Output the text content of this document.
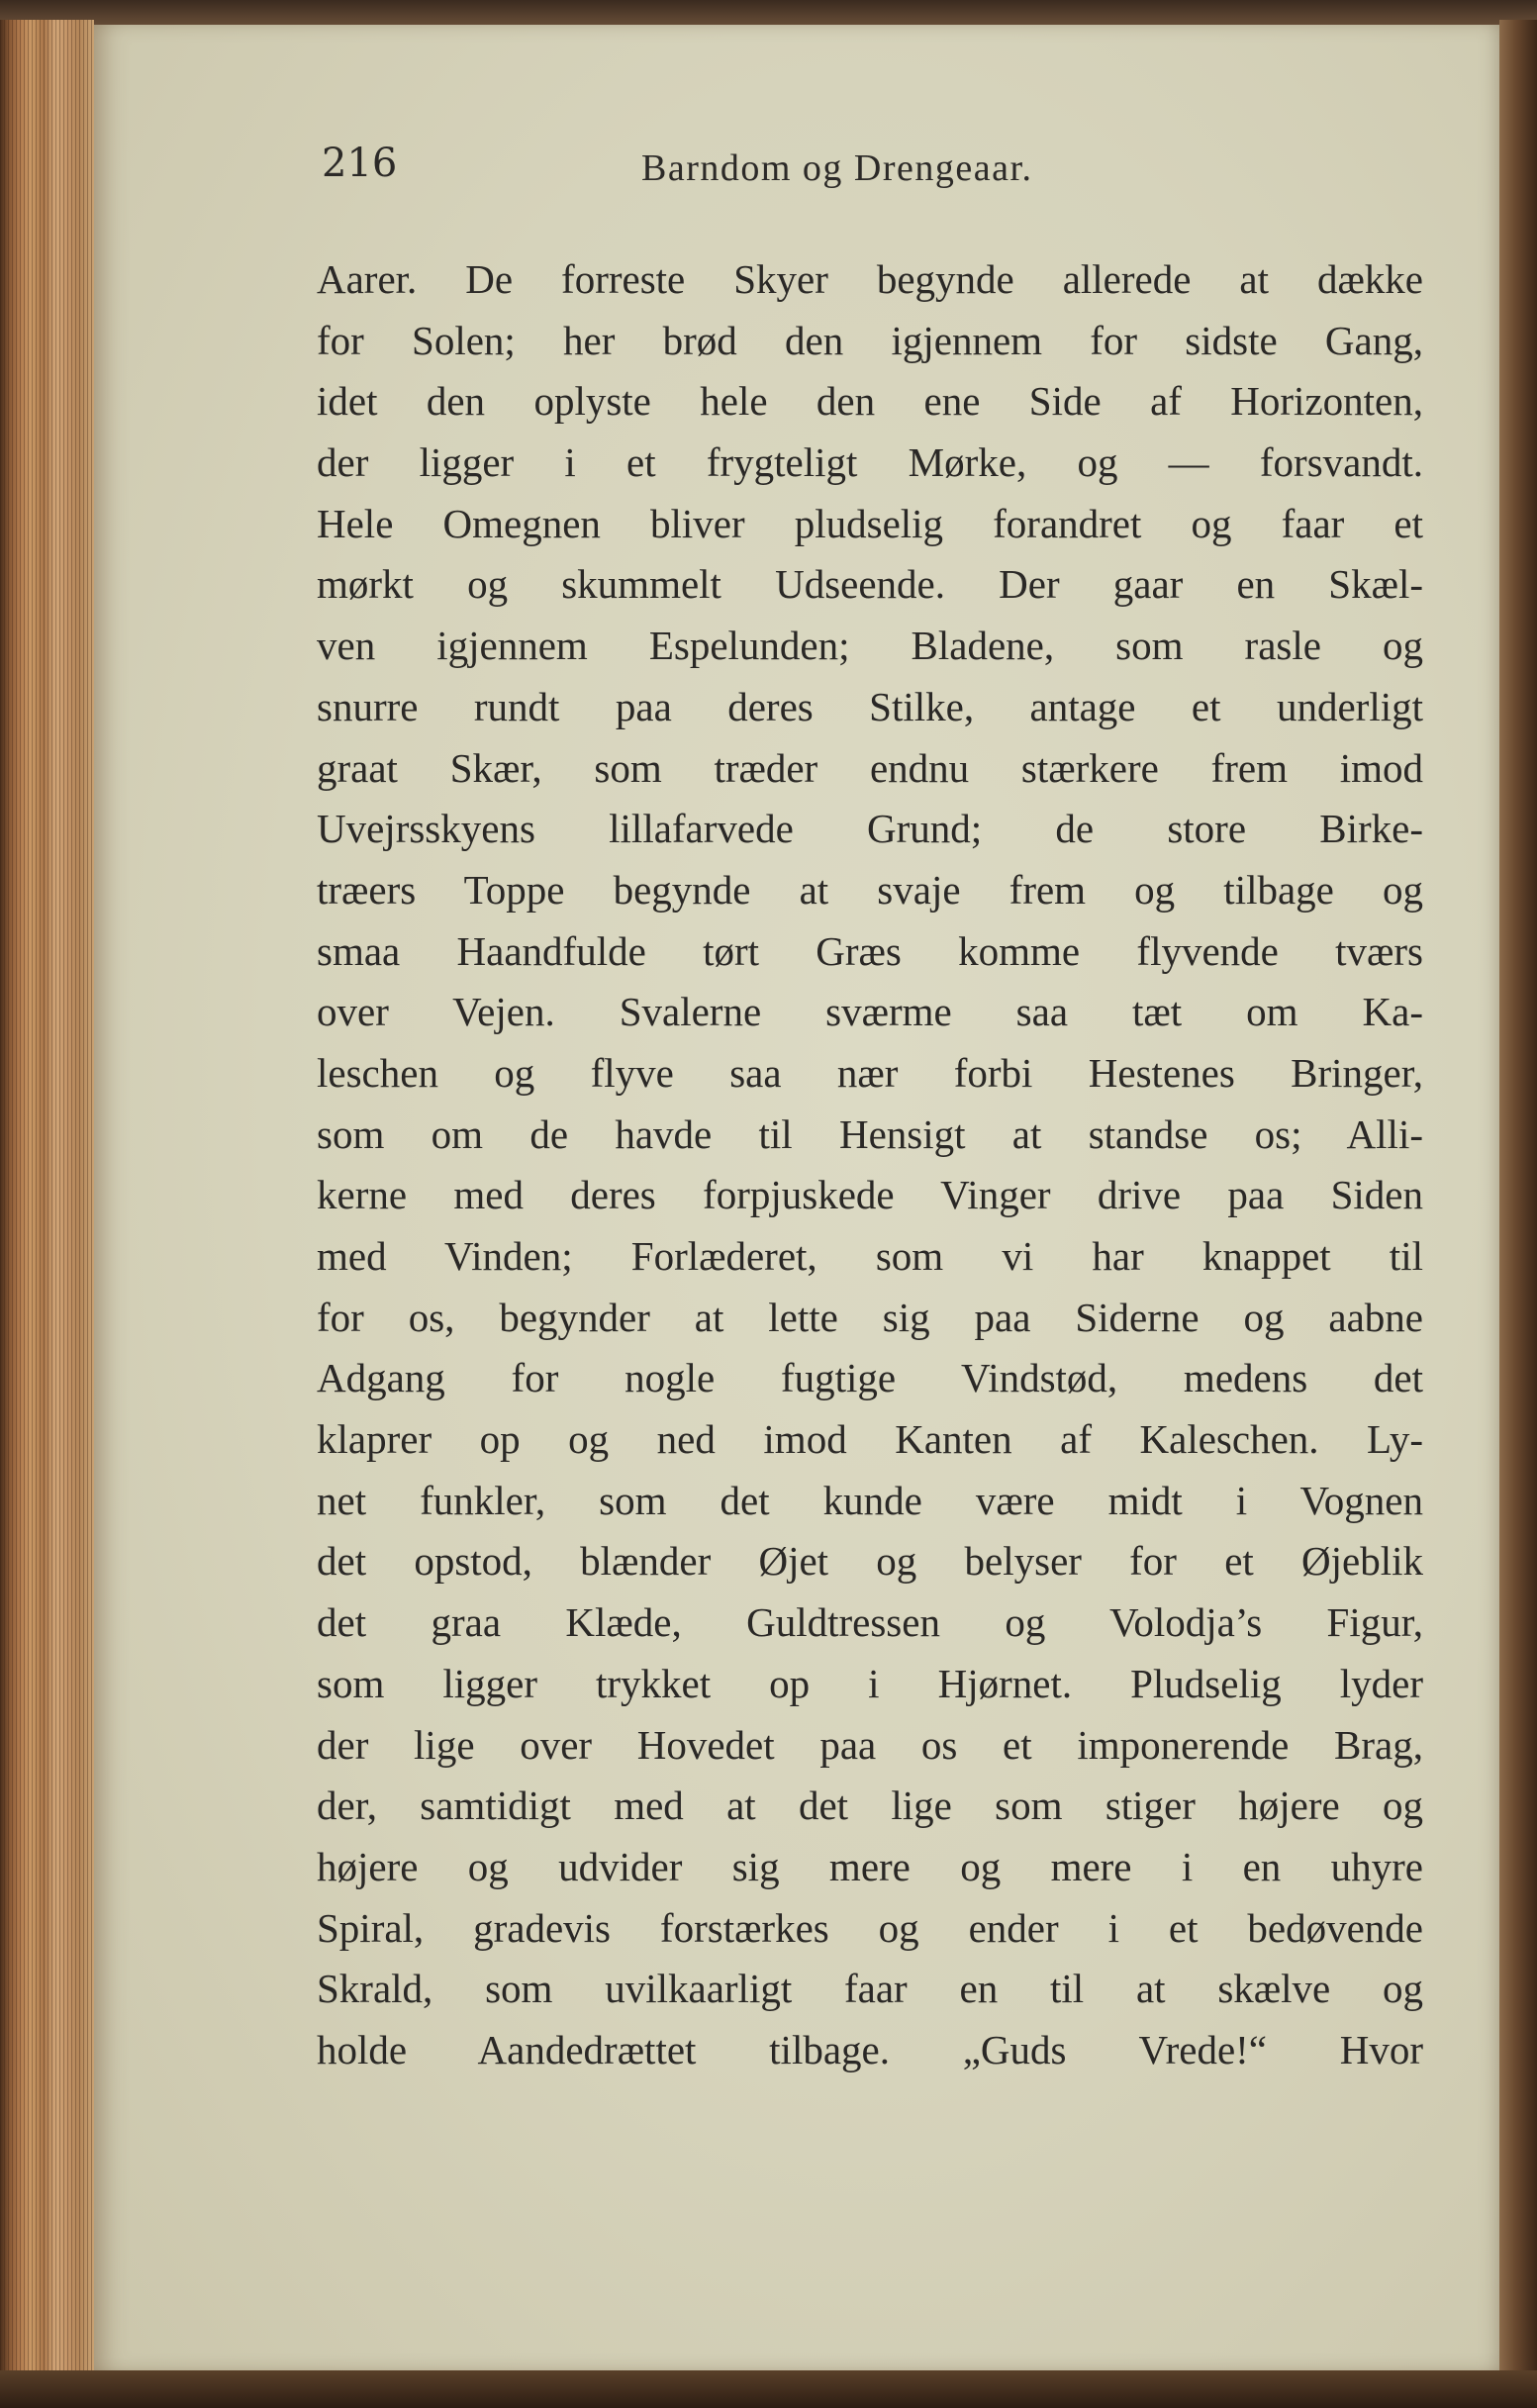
216	Barndom og Drengeaar.
Aarer. De forreste Skyer begynde allerede at dække
for Solen; her brød den igjennem for sidste Gang,
idet den oplyste hele den ene Side af Horizonten,
der ligger i et frygteligt Mørke, og — forsvandt.
Hele Omegnen bliver pludselig forandret og faar et
mørkt og skummelt Udseende. Der gaar en Skæl-
ven igjennem Espelunden; Bladene, som rasle og
snurre rundt paa deres Stilke, antage et underligt
graat Skær, som træder endnu stærkere frem imod
Uvejrsskyens lillafarvede Grund; de store Birke-
træers Toppe begynde at svaje frem og tilbage og
smaa Haandfulde tørt Græs komme flyvende tværs
over Vejen. Svalerne sværme saa tæt om Ka-
leschen og flyve saa nær forbi Hestenes Bringer,
som om de havde til Hensigt at standse os; Alli-
kerne med deres forpjuskede Vinger drive paa Siden
med Vinden; Forlæderet, som vi har knappet til
for os, begynder at lette sig paa Siderne og aabne
Adgang for nogle fugtige Vindstød, medens det
klaprer op og ned imod Kanten af Kaleschen. Ly-
net funkler, som det kunde være midt i Vognen
det opstod, blænder Øjet og belyser for et Øjeblik
det graa Klæde, Guldtressen og Volodja’s Figur,
som ligger trykket op i Hjørnet. Pludselig lyder
der lige over Hovedet paa os et imponerende Brag,
der, samtidigt med at det lige som stiger højere og
højere og udvider sig mere og mere i en uhyre
Spiral, gradevis forstærkes og ender i et bedøvende
Skrald, som uvilkaarligt faar en til at skælve og
holde Aandedrættet tilbage. „Guds Vrede!“ Hvor
